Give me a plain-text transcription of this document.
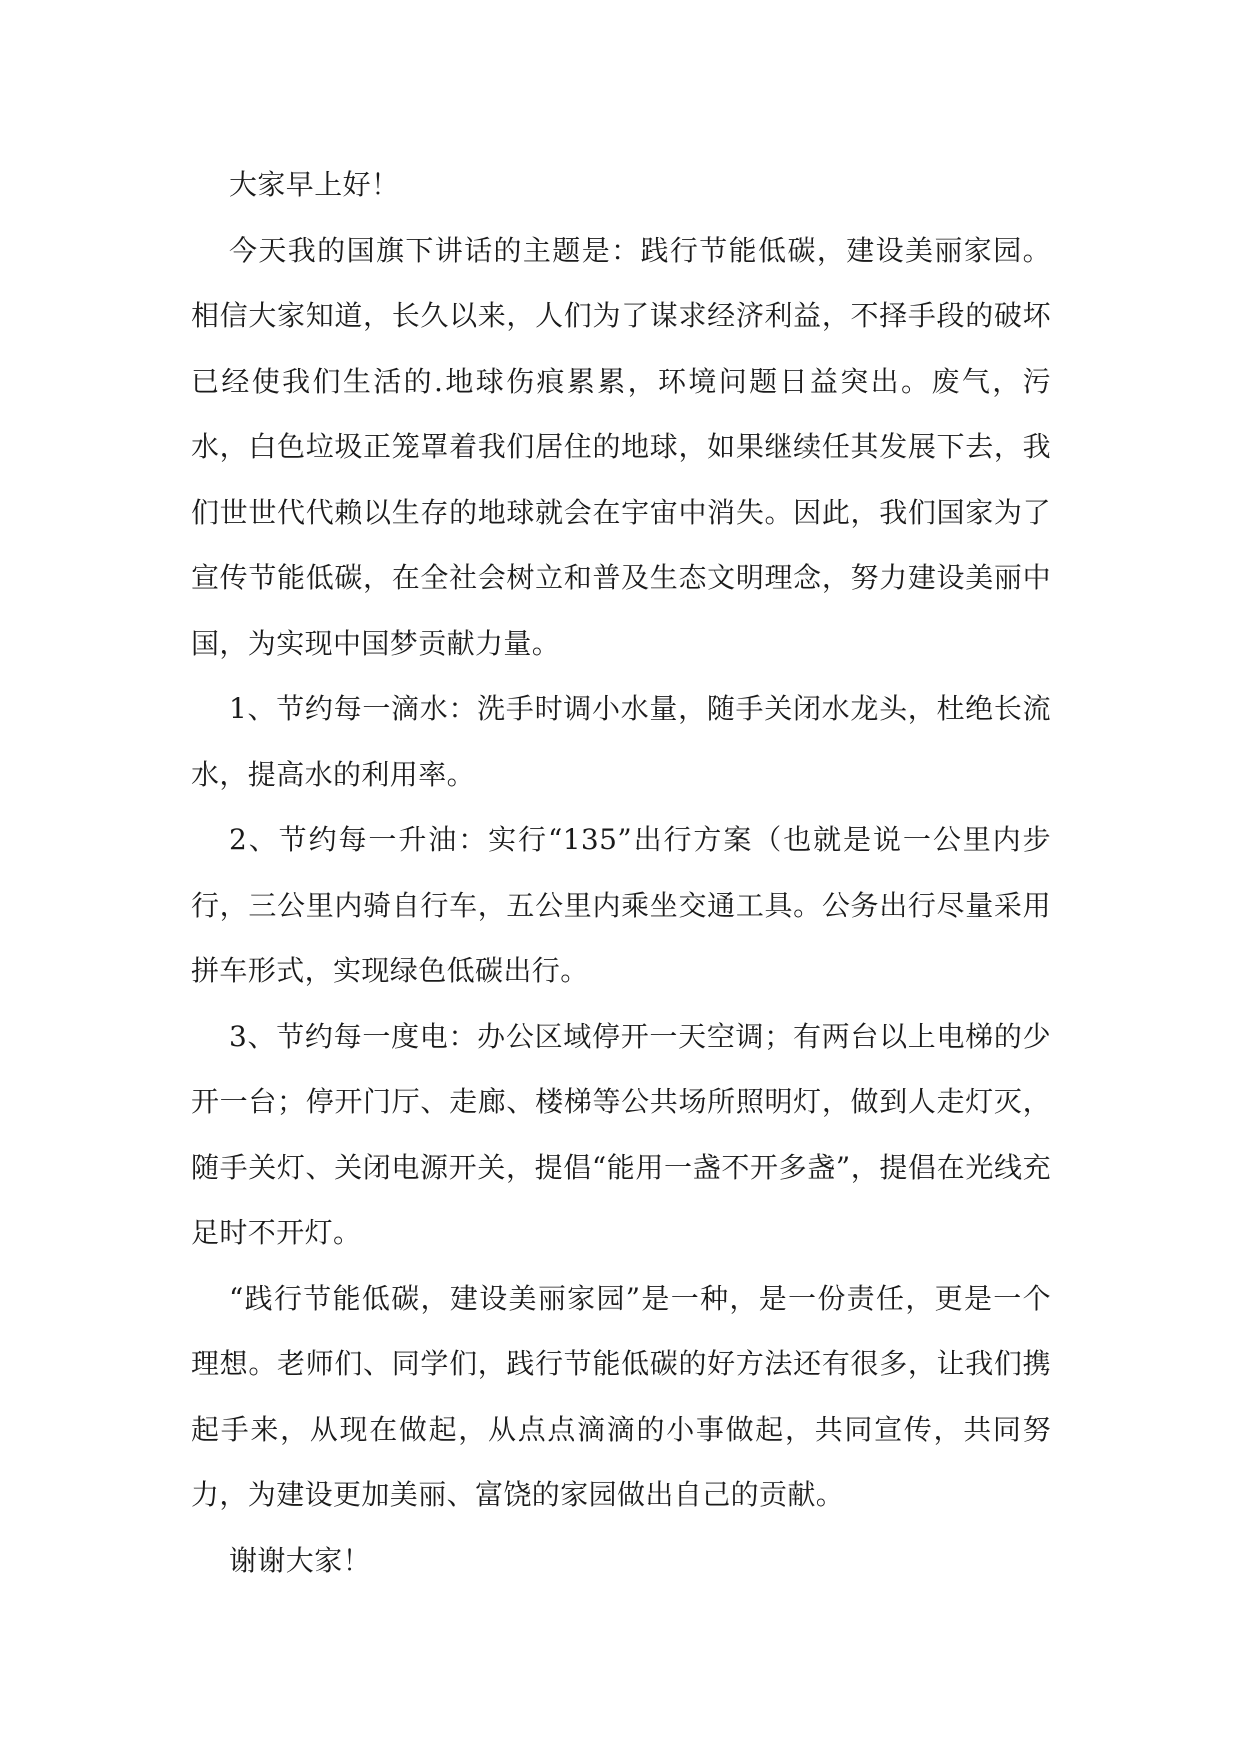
大家早上好！

今天我的国旗下讲话的主题是：践行节能低碳，建设美丽家园。相信大家知道，长久以来，人们为了谋求经济利益，不择手段的破坏已经使我们生活的.地球伤痕累累，环境问题日益突出。废气，污水，白色垃圾正笼罩着我们居住的地球，如果继续任其发展下去，我们世世代代赖以生存的地球就会在宇宙中消失。因此，我们国家为了宣传节能低碳，在全社会树立和普及生态文明理念，努力建设美丽中国，为实现中国梦贡献力量。

1、节约每一滴水：洗手时调小水量，随手关闭水龙头，杜绝长流水，提高水的利用率。

2、节约每一升油：实行“135”出行方案（也就是说一公里内步行，三公里内骑自行车，五公里内乘坐交通工具。公务出行尽量采用拼车形式，实现绿色低碳出行。

3、节约每一度电：办公区域停开一天空调；有两台以上电梯的少开一台；停开门厅、走廊、楼梯等公共场所照明灯，做到人走灯灭，随手关灯、关闭电源开关，提倡“能用一盏不开多盏”，提倡在光线充足时不开灯。

“践行节能低碳，建设美丽家园”是一种，是一份责任，更是一个理想。老师们、同学们，践行节能低碳的好方法还有很多，让我们携起手来，从现在做起，从点点滴滴的小事做起，共同宣传，共同努力，为建设更加美丽、富饶的家园做出自己的贡献。

谢谢大家！
